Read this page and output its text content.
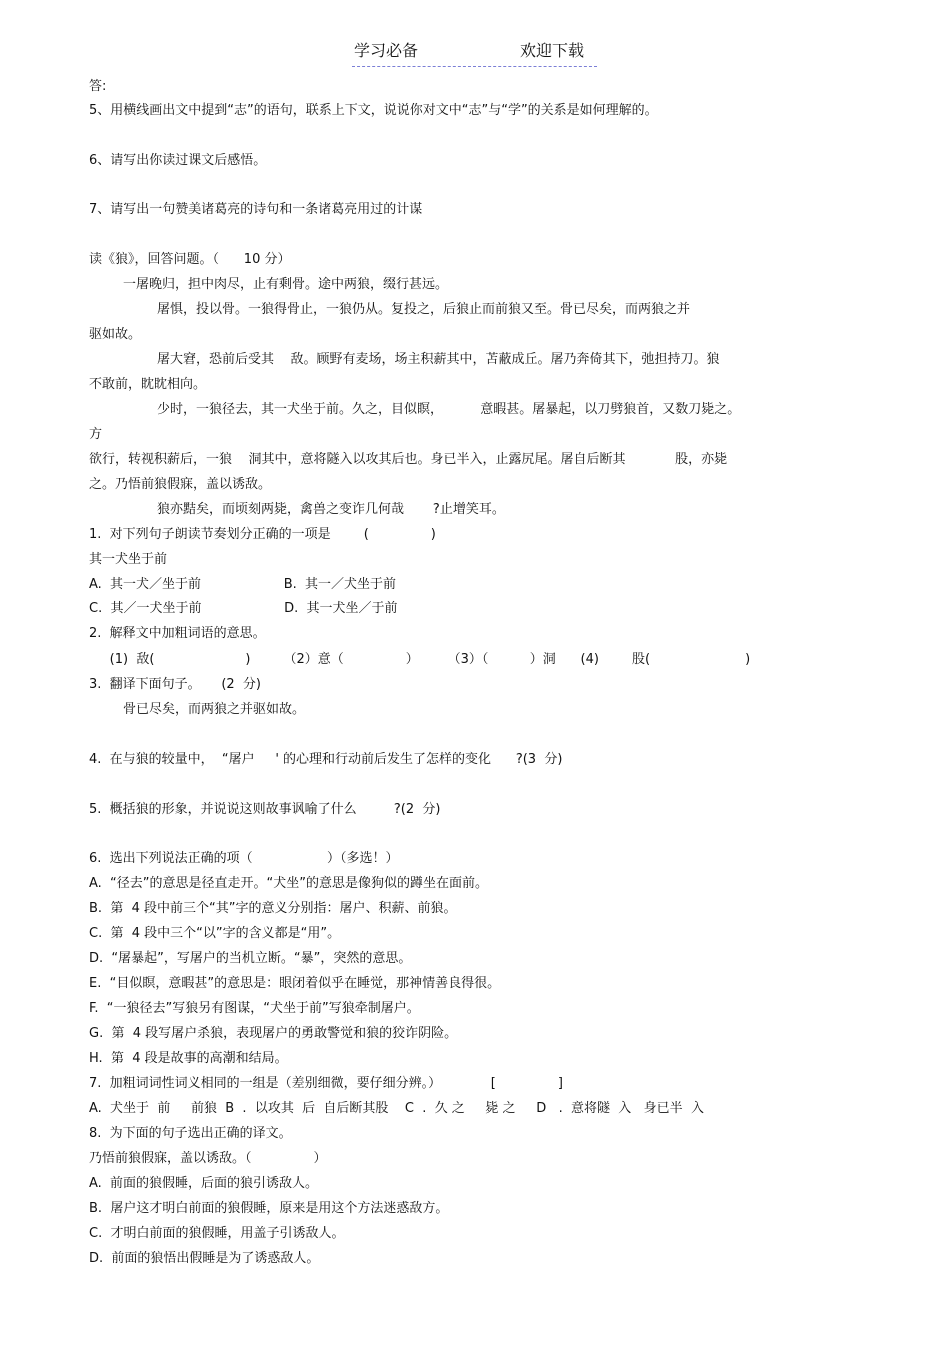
学习必备	欢迎下载
答:
5、用横线画出文中提到“志”的语句，联系上下文，说说你对文中“志”与“学”的关系是如何理解的。
6、请写出你读过课文后感悟。
7、请写出一句赞美诸葛亮的诗句和一条诸葛亮用过的计谋
读《狼》，回答问题。（      10 分）
一屠晚归，担中肉尽，止有剩骨。途中两狼，缀行甚远。
屠惧，投以骨。一狼得骨止，一狼仍从。复投之，后狼止而前狼又至。骨已尽矣，而两狼之并
驱如故。
屠大窘，恐前后受其    敌。顾野有麦场，场主积薪其中，苫蔽成丘。屠乃奔倚其下，弛担持刀。狼
不敢前，眈眈相向。
少时，一狼径去，其一犬坐于前。久之，目似瞑，         意暇甚。屠暴起，以刀劈狼首，又数刀毙之。
方
欲行，转视积薪后，一狼    洞其中，意将隧入以攻其后也。身已半入，止露尻尾。屠自后断其            股，亦毙
之。乃悟前狼假寐，盖以诱敌。
狼亦黠矣，而顷刻两毙，禽兽之变诈几何哉       ?止增笑耳。
1.  对下列句子朗读节奏划分正确的一项是        (               )
其一犬坐于前
A.  其一犬／坐于前                    B.  其一／犬坐于前
C.  其／一犬坐于前                    D.  其一犬坐／于前
2.  解释文中加粗词语的意思。
(1)  敌(                      )        （2）意（               ）       （3）（          ）洞      (4)        股(                       )
3.  翻译下面句子。     (2  分)
骨已尽矣，而两狼之并驱如故。
4.  在与狼的较量中，  “屠户     ' 的心理和行动前后发生了怎样的变化      ?(3  分)
5.  概括狼的形象，并说说这则故事讽喻了什么         ?(2  分)
6.  选出下列说法正确的项（                  ）（多选！）
A.  “径去”的意思是径直走开。“犬坐”的意思是像狗似的蹲坐在面前。
B.  第  4 段中前三个“其”字的意义分别指：屠户、积薪、前狼。
C.  第  4 段中三个“以”字的含义都是“用”。
D.  “屠暴起”，写屠户的当机立断。“暴”，突然的意思。
E.  “目似瞑，意暇甚”的意思是：眼闭着似乎在睡觉，那神情善良得很。
F.  “一狼径去”写狼另有图谋，“犬坐于前”写狼牵制屠户。
G.  第  4 段写屠户杀狼，表现屠户的勇敢警觉和狼的狡诈阴险。
H.  第  4 段是故事的高潮和结局。
7.  加粗词词性词义相同的一组是（差别细微，要仔细分辨。）            [               ]
A.  犬坐于  前     前狼  B  .  以攻其  后  自后断其股    C  .  久 之     毙 之     D   .  意将隧  入   身已半  入
8.  为下面的句子选出正确的译文。
乃悟前狼假寐，盖以诱敌。（               ）
A.  前面的狼假睡，后面的狼引诱敌人。
B.  屠户这才明白前面的狼假睡，原来是用这个方法迷惑敌方。
C.  才明白前面的狼假睡，用盖子引诱敌人。
D.  前面的狼悟出假睡是为了诱惑敌人。
